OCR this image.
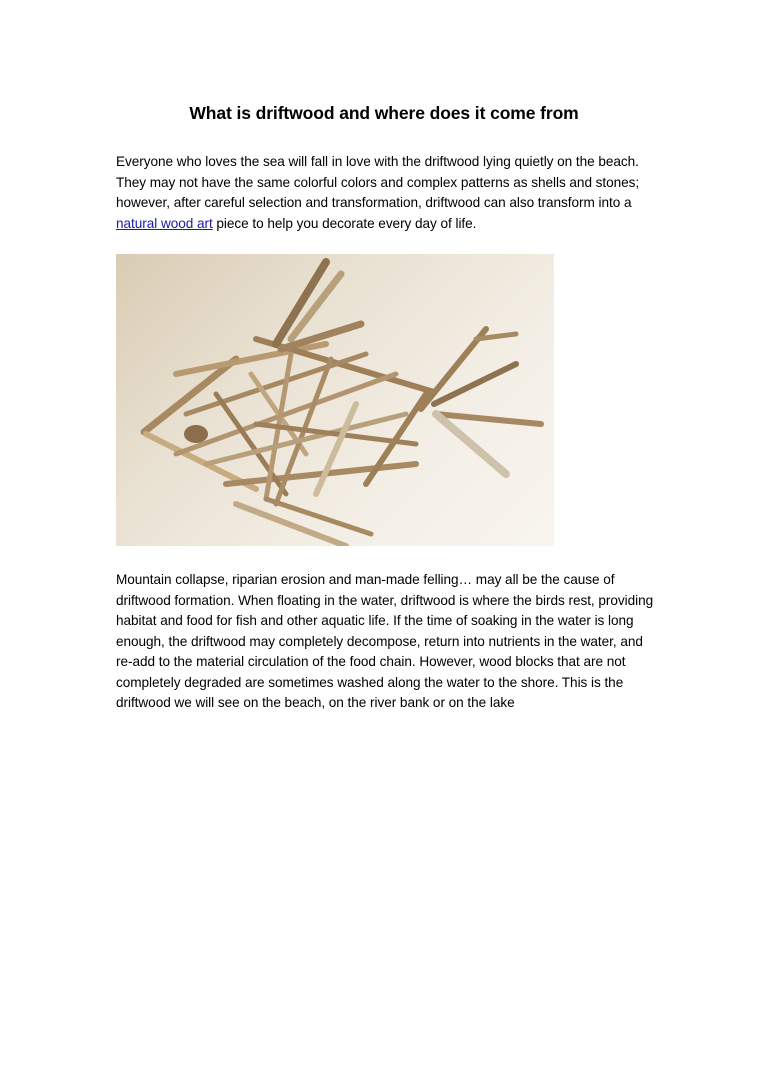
What is driftwood and where does it come from
Everyone who loves the sea will fall in love with the driftwood lying quietly on the beach. They may not have the same colorful colors and complex patterns as shells and stones; however, after careful selection and transformation, driftwood can also transform into a natural wood art piece to help you decorate every day of life.
Mountain collapse, riparian erosion and man-made felling… may all be the cause of driftwood formation. When floating in the water, driftwood is where the birds rest, providing habitat and food for fish and other aquatic life. If the time of soaking in the water is long enough, the driftwood may completely decompose, return into nutrients in the water, and re-add to the material circulation of the food chain. However, wood blocks that are not completely degraded are sometimes washed along the water to the shore. This is the driftwood we will see on the beach, on the river bank or on the lake
